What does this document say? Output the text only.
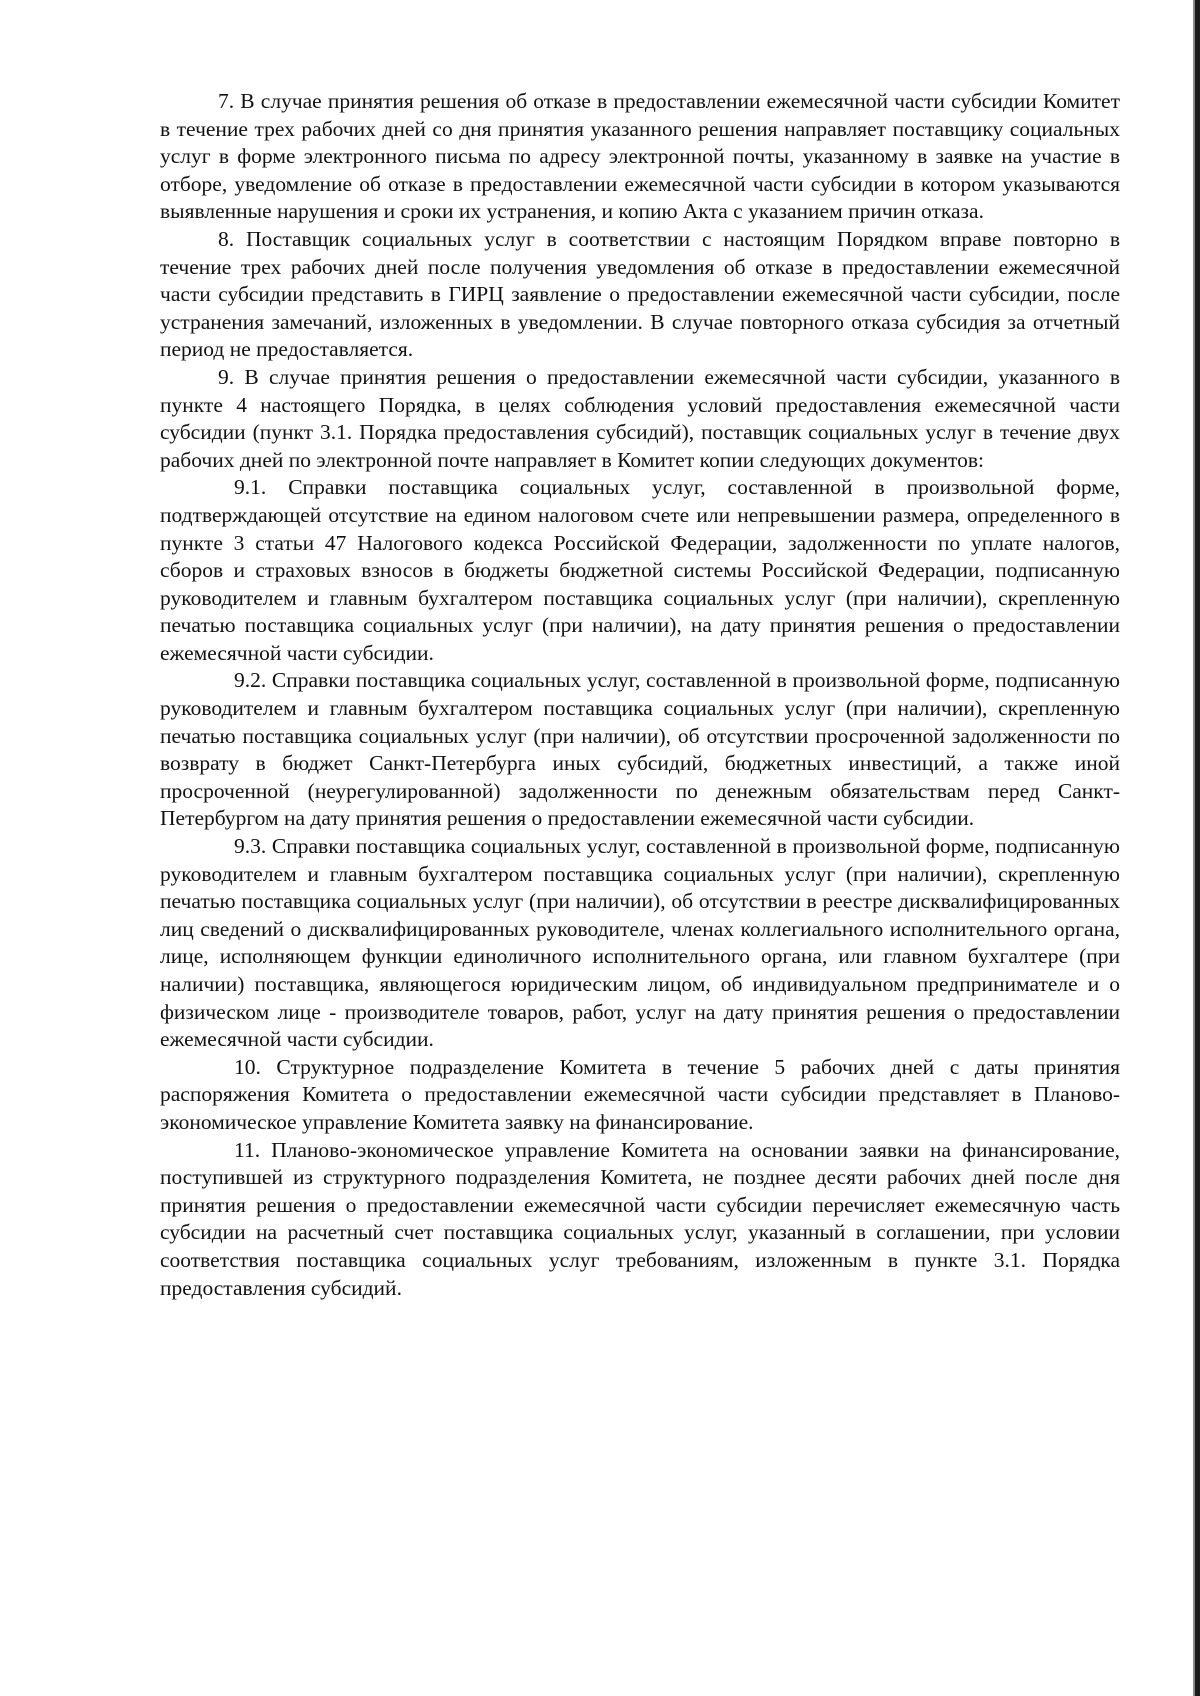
7. В случае принятия решения об отказе в предоставлении ежемесячной части субсидии Комитет в течение трех рабочих дней со дня принятия указанного решения направляет поставщику социальных услуг в форме электронного письма по адресу электронной почты, указанному в заявке на участие в отборе, уведомление об отказе в предоставлении ежемесячной части субсидии в котором указываются выявленные нарушения и сроки их устранения, и копию Акта с указанием причин отказа.

8. Поставщик социальных услуг в соответствии с настоящим Порядком вправе повторно в течение трех рабочих дней после получения уведомления об отказе в предоставлении ежемесячной части субсидии представить в ГИРЦ заявление о предоставлении ежемесячной части субсидии, после устранения замечаний, изложенных в уведомлении. В случае повторного отказа субсидия за отчетный период не предоставляется.

9. В случае принятия решения о предоставлении ежемесячной части субсидии, указанного в пункте 4 настоящего Порядка, в целях соблюдения условий предоставления ежемесячной части субсидии (пункт 3.1. Порядка предоставления субсидий), поставщик социальных услуг в течение двух рабочих дней по электронной почте направляет в Комитет копии следующих документов:

9.1. Справки поставщика социальных услуг, составленной в произвольной форме, подтверждающей отсутствие на едином налоговом счете или непревышении размера, определенного в пункте 3 статьи 47 Налогового кодекса Российской Федерации, задолженности по уплате налогов, сборов и страховых взносов в бюджеты бюджетной системы Российской Федерации, подписанную руководителем и главным бухгалтером поставщика социальных услуг (при наличии), скрепленную печатью поставщика социальных услуг (при наличии), на дату принятия решения о предоставлении ежемесячной части субсидии.

9.2. Справки поставщика социальных услуг, составленной в произвольной форме, подписанную руководителем и главным бухгалтером поставщика социальных услуг (при наличии), скрепленную печатью поставщика социальных услуг (при наличии), об отсутствии просроченной задолженности по возврату в бюджет Санкт-Петербурга иных субсидий, бюджетных инвестиций, а также иной просроченной (неурегулированной) задолженности по денежным обязательствам перед Санкт-Петербургом на дату принятия решения о предоставлении ежемесячной части субсидии.

9.3. Справки поставщика социальных услуг, составленной в произвольной форме, подписанную руководителем и главным бухгалтером поставщика социальных услуг (при наличии), скрепленную печатью поставщика социальных услуг (при наличии), об отсутствии в реестре дисквалифицированных лиц сведений о дисквалифицированных руководителе, членах коллегиального исполнительного органа, лице, исполняющем функции единоличного исполнительного органа, или главном бухгалтере (при наличии) поставщика, являющегося юридическим лицом, об индивидуальном предпринимателе и о физическом лице - производителе товаров, работ, услуг на дату принятия решения о предоставлении ежемесячной части субсидии.

10. Структурное подразделение Комитета в течение 5 рабочих дней с даты принятия распоряжения Комитета о предоставлении ежемесячной части субсидии представляет в Планово-экономическое управление Комитета заявку на финансирование.

11. Планово-экономическое управление Комитета на основании заявки на финансирование, поступившей из структурного подразделения Комитета, не позднее десяти рабочих дней после дня принятия решения о предоставлении ежемесячной части субсидии перечисляет ежемесячную часть субсидии на расчетный счет поставщика социальных услуг, указанный в соглашении, при условии соответствия поставщика социальных услуг требованиям, изложенным в пункте 3.1. Порядка предоставления субсидий.
